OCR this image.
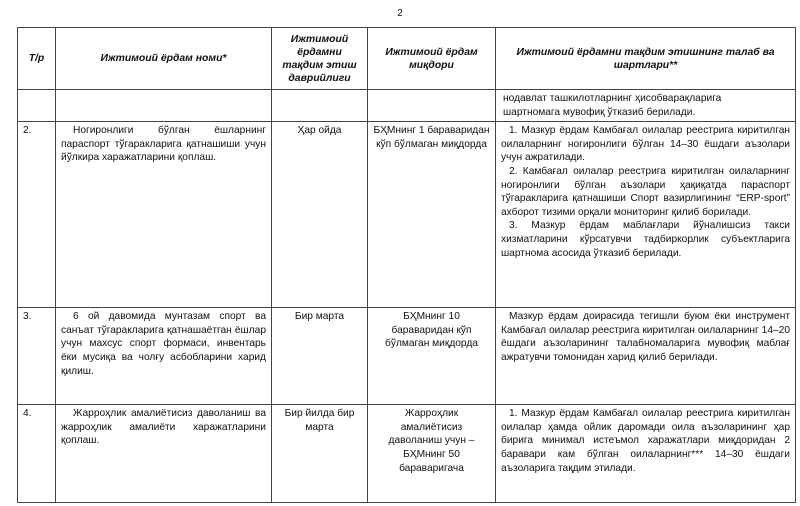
2
Т/р	Ижтимоий ёрдам номи*	Ижтимоий ёрдамни тақдим этиш даврийлиги	Ижтимоий ёрдам миқдори	Ижтимоий ёрдамни тақдим этишнинг талаб ва шартлари**

				нодавлат ташкилотларнинг ҳисобварақларига

шартномага мувофиқ ўтказиб берилади.

2.	Ногиронлиги бўлган ёшларнинг параспорт тўгаракларига қатнашиши учун йўлкира харажатларини қоплаш.	Ҳар ойда	БҲМнинг 1 бараваридан кўп бўлмаган миқдорда	1. Мазкур ёрдам Камбағал оилалар реестрига киритилган оилаларнинг ногиронлиги бўлган 14–30 ёшдаги аъзолари учун ажратилади.

2. Камбағал оилалар реестрига киритилган оилаларнинг ногиронлиги бўлган аъзолари ҳақиқатда параспорт тўгаракларига қатнашиши Спорт вазирлигининг “ERP-sport” ахборот тизими орқали мониторинг қилиб борилади.

3. Мазкур ёрдам маблағлари йўналишсиз такси хизматларини кўрсатувчи тадбиркорлик субъектларига шартнома асосида ўтказиб берилади.

3.	6 ой давомида мунтазам спорт ва санъат тўгаракларига қатнашаётган ёшлар учун махсус спорт формаси, инвентарь ёки мусиқа ва чолғу асбобларини харид қилиш.	Бир марта	БҲМнинг 10 бараваридан кўп бўлмаган миқдорда	Мазкур ёрдам доирасида тегишли буюм ёки инструмент Камбағал оилалар реестрига киритилган оилаларнинг 14–20 ёшдаги аъзоларининг талабномаларига мувофиқ маблағ ажратувчи томонидан харид қилиб берилади.

4.	Жарроҳлик амалиётисиз даволаниш ва жарроҳлик амалиёти харажатларини қоплаш.	Бир йилда бир марта	Жарроҳлик амалиётисиз даволаниш учун – БҲМнинг 50 бараваригача	1. Мазкур ёрдам Камбағал оилалар реестрига киритилган оилалар ҳамда ойлик даромади оила аъзоларининг ҳар бирига минимал истеъмол харажатлари миқдоридан 2 баравари кам бўлган оилаларнинг*** 14–30 ёшдаги аъзоларига тақдим этилади.
